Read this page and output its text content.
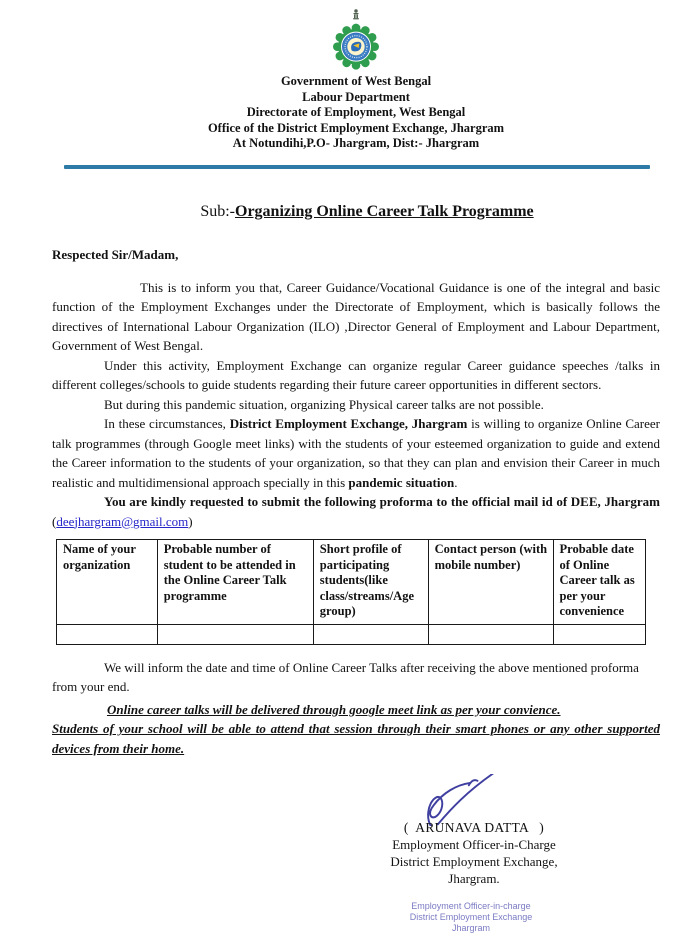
Government of West Bengal
Labour Department
Directorate of Employment, West Bengal
Office of the District Employment Exchange, Jhargram
At Notundihi,P.O- Jhargram, Dist:- Jhargram
Sub:-Organizing Online Career Talk Programme

Respected Sir/Madam,

This is to inform you that, Career Guidance/Vocational Guidance is one of the integral and basic function of the Employment Exchanges under the Directorate of Employment, which is basically follows the directives of International Labour Organization (ILO) ,Director General of Employment and Labour Department, Government of West Bengal.

Under this activity, Employment Exchange can organize regular Career guidance speeches /talks in different colleges/schools to guide students regarding their future career opportunities in different sectors.

But during this pandemic situation, organizing Physical career talks are not possible.

In these circumstances, District Employment Exchange, Jhargram is willing to organize Online Career talk programmes (through Google meet links) with the students of your esteemed organization to guide and extend the Career information to the students of your organization, so that they can plan and envision their Career in much realistic and multidimensional approach specially in this pandemic situation.

You are kindly requested to submit the following proforma to the official mail id of DEE, Jhargram (deejhargram@gmail.com)

Name of your organization	Probable number of student to be attended in the Online Career Talk programme	Short profile of participating students(like class/streams/Age group)	Contact person (with mobile number)	Probable date of Online Career talk as per your convenience

We will inform the date and time of Online Career Talks after receiving the above mentioned proforma from your end.

Online career talks will be delivered through google meet link as per your convience.

Students of your school will be able to attend that session through their smart phones or any other supported devices from their home.

(  ARUNAVA DATTA   )
Employment Officer-in-Charge
District Employment Exchange,
Jhargram.
Employment Officer-in-charge
District Employment Exchange
Jhargram
